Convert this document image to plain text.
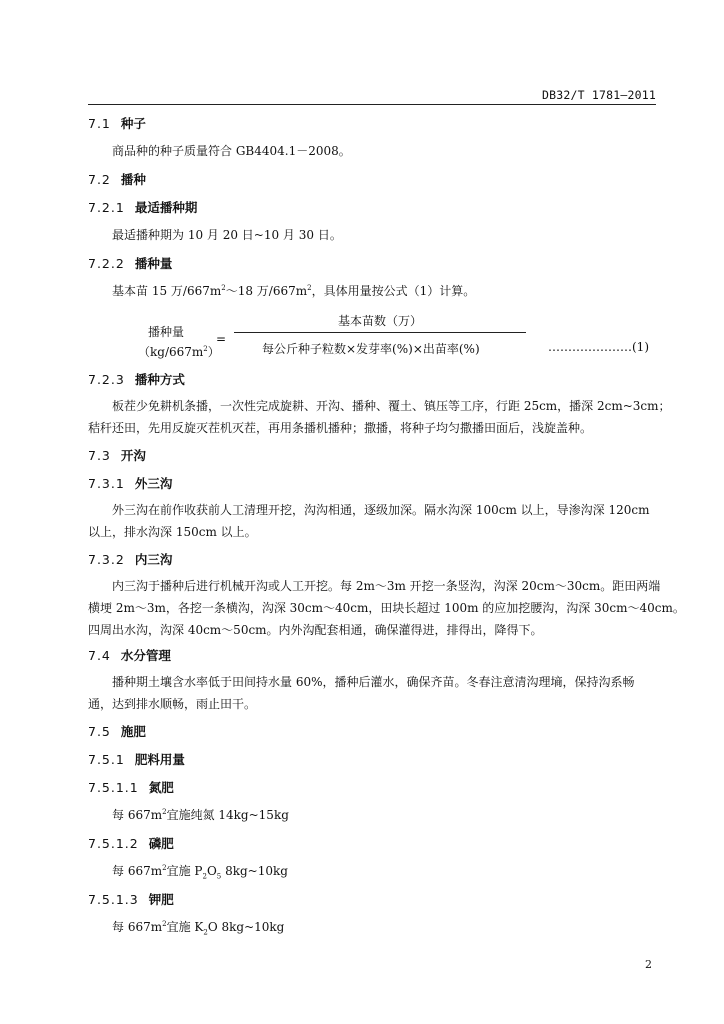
DB32/T 1781—2011
7.1 种子
商品种的种子质量符合 GB4404.1－2008。
7.2 播种
7.2.1 最适播种期
最适播种期为 10 月 20 日~10 月 30 日。
7.2.2 播种量
基本苗 15 万$/667m^2\sim 18$ 万$/667m^2$，具体用量按公式（1）计算。
播种量
$(kg/667m^2)$
=
基本苗数（万）
每公斤种子粒数×发芽率(%)×出苗率(%)	…………………(1)
7.2.3 播种方式
板茬少免耕机条播，一次性完成旋耕、开沟、播种、覆土、镇压等工序，行距 25cm，播深 2cm~3cm；
秸秆还田，先用反旋灭茬机灭茬，再用条播机播种；撒播，将种子均匀撒播田面后，浅旋盖种。
7.3 开沟
7.3.1 外三沟
外三沟在前作收获前人工清理开挖，沟沟相通，逐级加深。隔水沟深 100cm 以上，导渗沟深 120cm
以上，排水沟深 150cm 以上。
7.3.2 内三沟
内三沟于播种后进行机械开沟或人工开挖。每 2m～3m 开挖一条竖沟，沟深 20cm～30cm。距田两端
横埂 2m～3m，各挖一条横沟，沟深 30cm～40cm，田块长超过 100m 的应加挖腰沟，沟深 30cm～40cm。
四周出水沟，沟深 40cm～50cm。内外沟配套相通，确保灌得进，排得出，降得下。
7.4 水分管理
播种期土壤含水率低于田间持水量 60%，播种后灌水，确保齐苗。冬春注意清沟理墒，保持沟系畅
通，达到排水顺畅，雨止田干。
7.5 施肥
7.5.1 肥料用量
7.5.1.1 氮肥
每 $667m^2$宜施纯氮 14kg~15kg
7.5.1.2 磷肥
每 $667m^2$宜施 $P_2O_5$ 8kg~10kg
7.5.1.3 钾肥
每 $667m^2$宜施 $K_2O$ 8kg~10kg
2
